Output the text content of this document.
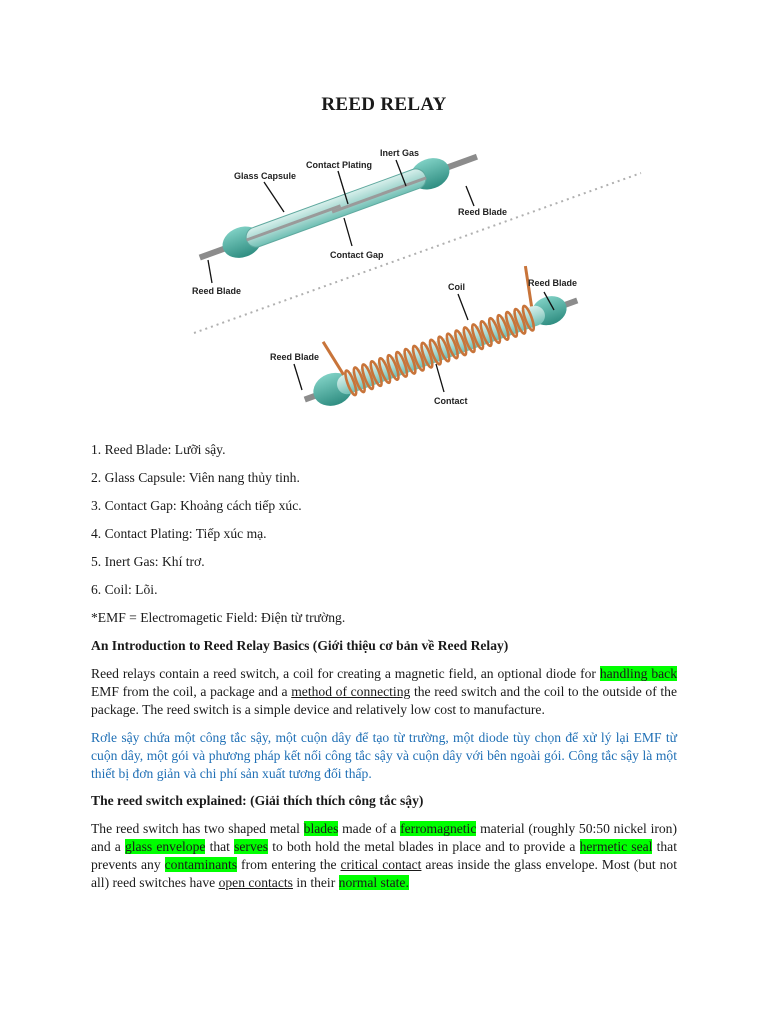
REED RELAY
Glass Capsule
Contact Plating
Inert Gas
Reed Blade
Contact Gap
Reed Blade	Coil	Reed Blade
Reed Blade
Contact
1. Reed Blade: Lưỡi sậy.
2. Glass Capsule: Viên nang thủy tinh.
3. Contact Gap: Khoảng cách tiếp xúc.
4. Contact Plating: Tiếp xúc mạ.
5. Inert Gas: Khí trơ.
6. Coil: Lõi.
*EMF = Electromagetic Field: Điện từ trường.
An Introduction to Reed Relay Basics (Giới thiệu cơ bản về Reed Relay)
Reed relays contain a reed switch, a coil for creating a magnetic field, an optional diode for handling back EMF from the coil, a package and a method of connecting the reed switch and the coil to the outside of the package. The reed switch is a simple device and relatively low cost to manufacture.
Rơle sậy chứa một công tắc sậy, một cuộn dây để tạo từ trường, một diode tùy chọn để xử lý lại EMF từ cuộn dây, một gói và phương pháp kết nối công tắc sậy và cuộn dây với bên ngoài gói. Công tắc sậy là một thiết bị đơn giản và chi phí sản xuất tương đối thấp.
The reed switch explained: (Giải thích thích công tắc sậy)
The reed switch has two shaped metal blades made of a ferromagnetic material (roughly 50:50 nickel iron) and a glass envelope that serves to both hold the metal blades in place and to provide a hermetic seal that prevents any contaminants from entering the critical contact areas inside the glass envelope. Most (but not all) reed switches have open contacts in their normal state.
